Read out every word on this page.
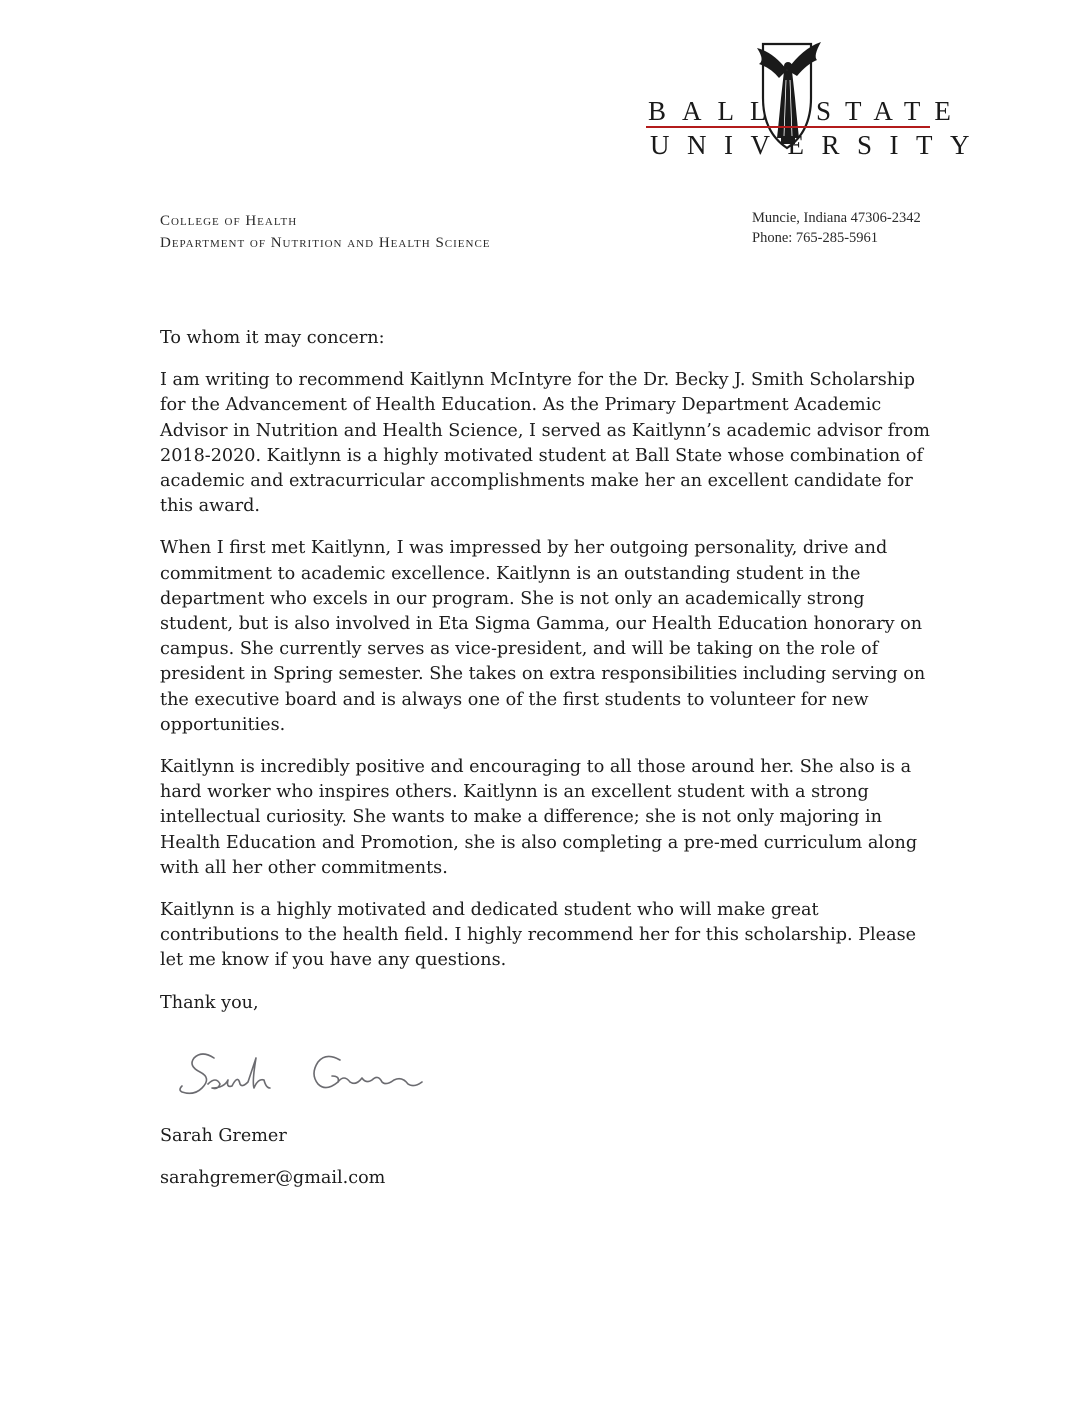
BALL STATE
UNIVERSITY
College of Health
Department of Nutrition and Health Science
Muncie, Indiana 47306-2342
Phone: 765-285-5961

To whom it may concern:

I am writing to recommend Kaitlynn McIntyre for the Dr. Becky J. Smith Scholarship for the Advancement of Health Education. As the Primary Department Academic Advisor in Nutrition and Health Science, I served as Kaitlynn’s academic advisor from 2018-2020. Kaitlynn is a highly motivated student at Ball State whose combination of academic and extracurricular accomplishments make her an excellent candidate for this award.

When I first met Kaitlynn, I was impressed by her outgoing personality, drive and commitment to academic excellence. Kaitlynn is an outstanding student in the department who excels in our program. She is not only an academically strong student, but is also involved in Eta Sigma Gamma, our Health Education honorary on campus. She currently serves as vice-president, and will be taking on the role of president in Spring semester. She takes on extra responsibilities including serving on the executive board and is always one of the first students to volunteer for new opportunities.

Kaitlynn is incredibly positive and encouraging to all those around her. She also is a hard worker who inspires others. Kaitlynn is an excellent student with a strong intellectual curiosity. She wants to make a difference; she is not only majoring in Health Education and Promotion, she is also completing a pre-med curriculum along with all her other commitments.

Kaitlynn is a highly motivated and dedicated student who will make great contributions to the health field. I highly recommend her for this scholarship. Please let me know if you have any questions.

Thank you,

Sarah Gremer

sarahgremer@gmail.com
